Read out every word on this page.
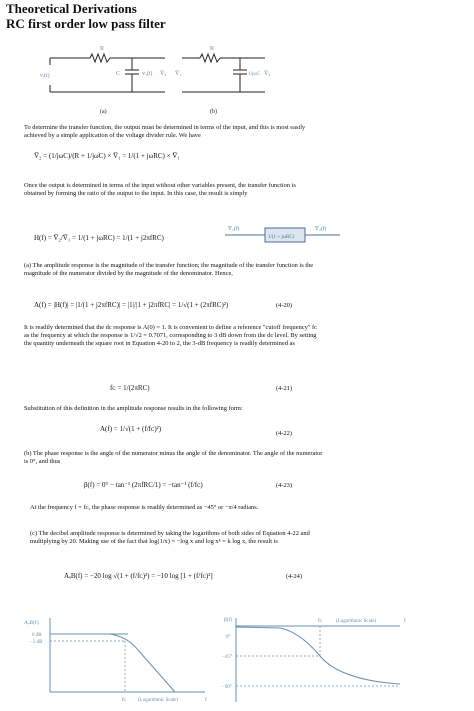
Theoretical Derivations
RC first order low pass filter
R
vᵢ(t)	C	vₒ(t) V̅₂
R
V̅₁	1/jωC V̅₂
(a)	(b)
To determine the transfer function, the output must be determined in terms of the input, and this is most easily achieved by a simple application of the voltage divider rule. We have
V̅₂ = (1/jωC)/(R + 1/jωC) × V̅₁ = 1/(1 + jωRC) × V̅₁
Once the output is determined in terms of the input without other variables present, the transfer function is obtained by forming the ratio of the output to the input. In this case, the result is simply
H(f) = V̅₂/V̅₁ = 1/(1 + jωRC) = 1/(1 + j2πfRC)
V̅₁(f)
1/(1 + jωRC)
V̅₂(f)
(a) The amplitude response is the magnitude of the transfer function; the magnitude of the transfer function is the magnitude of the numerator divided by the magnitude of the denominator. Hence,
A(f) = |H(f)| = |1/(1 + j2πfRC)| = |1|/|1 + j2πfRC| = 1/√(1 + (2πfRC)²)	(4-20)
It is readily determined that the dc response is A(0) = 1. It is convenient to define a reference "cutoff frequency" fᴄ as the frequency at which the response is 1/√2 = 0.7071, corresponding to 3 dB down from the dc level. By setting the quantity underneath the square root in Equation 4-20 to 2, the 3-dB frequency is readily determined as
fᴄ = 1/(2πRC)	(4-21)
Substitution of this definition in the amplitude response results in the following form:
A(f) = 1/√(1 + (f/fᴄ)²)
(4-22)
(b) The phase response is the angle of the numerator minus the angle of the denominator. The angle of the numerator is 0°, and thus
β(f) = 0° − tan⁻¹ (2πfRC/1) = −tan⁻¹ (f/fᴄ)	(4-23)
At the frequency f = fᴄ, the phase response is readily determined as −45° or −π/4 radians.
(c) The decibel amplitude response is determined by taking the logarithms of both sides of Equation 4-22 and multiplying by 20. Making use of the fact that log(1/x) = −log x and log xᵏ = k log x, the result is
AₔB(f) = −20 log √(1 + (f/fᴄ)²) = −10 log [1 + (f/fᴄ)²]	(4-24)
AₔB(f)
0 dB
−3 dB
fᴄ (Logarithmic Scale)	f
β(f)
0°
−45°
−90°
fᴄ	(Logarithmic Scale)	f
